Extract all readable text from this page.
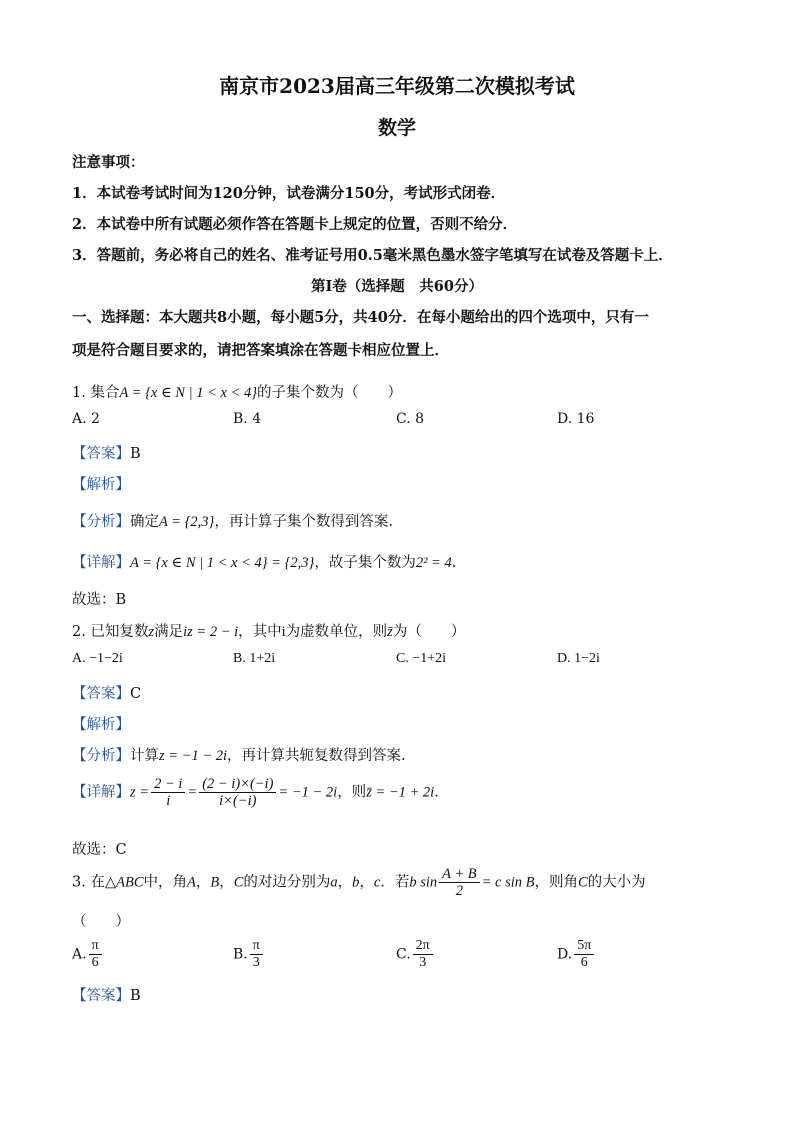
南京市2023届高三年级第二次模拟考试
数学
注意事项：
1．本试卷考试时间为120分钟，试卷满分150分，考试形式闭卷．
2．本试卷中所有试题必须作答在答题卡上规定的位置，否则不给分．
3．答题前，务必将自己的姓名、准考证号用0.5毫米黑色墨水签字笔填写在试卷及答题卡上．
第Ⅰ卷（选择题　共60分）
一、选择题：本大题共8小题，每小题5分，共40分．在每小题给出的四个选项中，只有一
项是符合题目要求的，请把答案填涂在答题卡相应位置上．
1. 集合A = {x ∈ N | 1 < x < 4}的子集个数为（　　）
A. 2	B. 4	C. 8	D. 16
【答案】B
【解析】
【分析】确定A = {2,3}，再计算子集个数得到答案.
【详解】A = {x ∈ N | 1 < x < 4} = {2,3}，故子集个数为2² = 4.
故选：B
2. 已知复数z满足iz = 2 − i，其中i为虚数单位，则z̄为（　　）
A. −1−2i	B. 1+2i	C. −1+2i	D. 1−2i
【答案】C
【解析】
【分析】计算z = −1 − 2i，再计算共轭复数得到答案.
【详解】$z = \frac{2 - i}{i} = \frac{(2 - i)\times(-i)}{i\times(-i)} = -1 - 2i$，则z̄ = −1 + 2i.
故选：C
3. 在△ABC中，角A，B，C的对边分别为a，b，c．若b $\sin \frac{A + B}{2} = c$ sin B，则角C的大小为
（　　）
A. $\frac{\pi}{6}$	B. $\frac{\pi}{3}$	C. $\frac{2\pi}{3}$	D. $\frac{5\pi}{6}$
【答案】B
